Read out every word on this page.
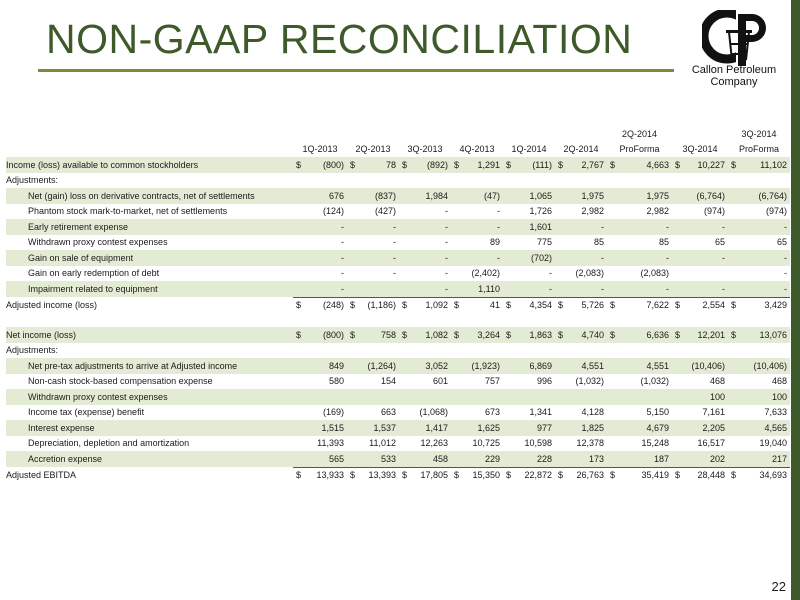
NON-GAAP RECONCILIATION
Callon Petroleum
Company
													2Q-2014				3Q-2014	
	1Q-2013		2Q-2013		3Q-2013		4Q-2013		1Q-2014		2Q-2014		ProForma		3Q-2014		ProForma	
Income (loss) available to common stockholders	$	(800)	$	78	$	(892)	$	1,291	$	(111)	$	2,767	$	4,663	$	10,227	$	11,102
Adjustments:																		
Net (gain) loss on derivative contracts, net of settlements		676		(837)		1,984		(47)		1,065		1,975		1,975		(6,764)		(6,764)
Phantom stock mark-to-market, net of settlements		(124)		(427)		-		-		1,726		2,982		2,982		(974)		(974)
Early retirement expense		-		-		-		-		1,601		-		-		-		-
Withdrawn proxy contest expenses		-		-		-		89		775		85		85		65		65
Gain on sale of equipment		-		-		-		-		(702)		-		-		-		-
Gain on early redemption of debt		-		-		-		(2,402)		-		(2,083)		(2,083)				-
Impairment related to equipment		-				-		1,110		-		-		-		-		-
Adjusted income (loss)	$	(248)	$	(1,186)	$	1,092	$	41	$	4,354	$	5,726	$	7,622	$	2,554	$	3,429

Net income (loss)	$	(800)	$	758	$	1,082	$	3,264	$	1,863	$	4,740	$	6,636	$	12,201	$	13,076
Adjustments:																		
Net pre-tax adjustments to arrive at Adjusted income		849		(1,264)		3,052		(1,923)		6,869		4,551		4,551		(10,406)		(10,406)
Non-cash stock-based compensation expense		580		154		601		757		996		(1,032)		(1,032)		468		468
Withdrawn proxy contest expenses																100		100
Income tax (expense) benefit		(169)		663		(1,068)		673		1,341		4,128		5,150		7,161		7,633
Interest expense		1,515		1,537		1,417		1,625		977		1,825		4,679		2,205		4,565
Depreciation, depletion and amortization		11,393		11,012		12,263		10,725		10,598		12,378		15,248		16,517		19,040
Accretion expense		565		533		458		229		228		173		187		202		217
Adjusted EBITDA	$	13,933	$	13,393	$	17,805	$	15,350	$	22,872	$	26,763	$	35,419	$	28,448	$	34,693
22
